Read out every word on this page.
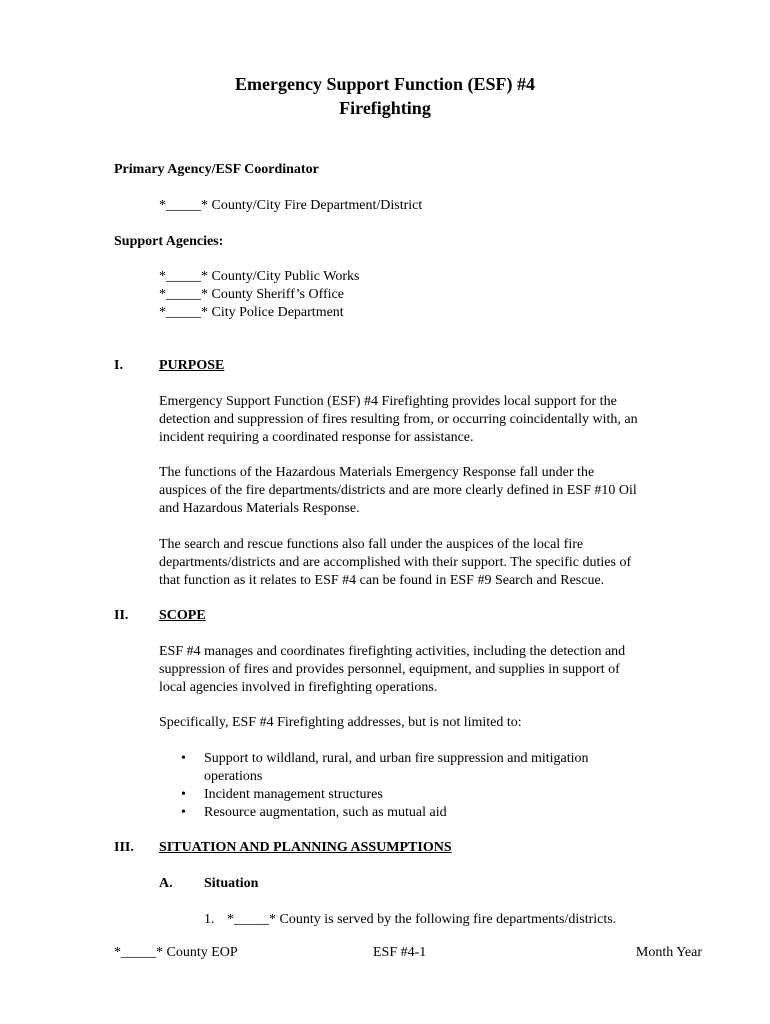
Emergency Support Function (ESF) #4
Firefighting
Primary Agency/ESF Coordinator
*_____* County/City Fire Department/District
Support Agencies:
*_____* County/City Public Works
*_____* County Sheriff’s Office
*_____* City Police Department
I.	PURPOSE
Emergency Support Function (ESF) #4 Firefighting provides local support for the
detection and suppression of fires resulting from, or occurring coincidentally with, an
incident requiring a coordinated response for assistance.
The functions of the Hazardous Materials Emergency Response fall under the
auspices of the fire departments/districts and are more clearly defined in ESF #10 Oil
and Hazardous Materials Response.
The search and rescue functions also fall under the auspices of the local fire
departments/districts and are accomplished with their support. The specific duties of
that function as it relates to ESF #4 can be found in ESF #9 Search and Rescue.
II. SCOPE
ESF #4 manages and coordinates firefighting activities, including the detection and
suppression of fires and provides personnel, equipment, and supplies in support of
local agencies involved in firefighting operations.
Specifically, ESF #4 Firefighting addresses, but is not limited to:
• Support to wildland, rural, and urban fire suppression and mitigation
operations
• Incident management structures
• Resource augmentation, such as mutual aid
III. SITUATION AND PLANNING ASSUMPTIONS
A. Situation
1. *_____* County is served by the following fire departments/districts.
*_____* County EOP	ESF #4-1	Month Year
